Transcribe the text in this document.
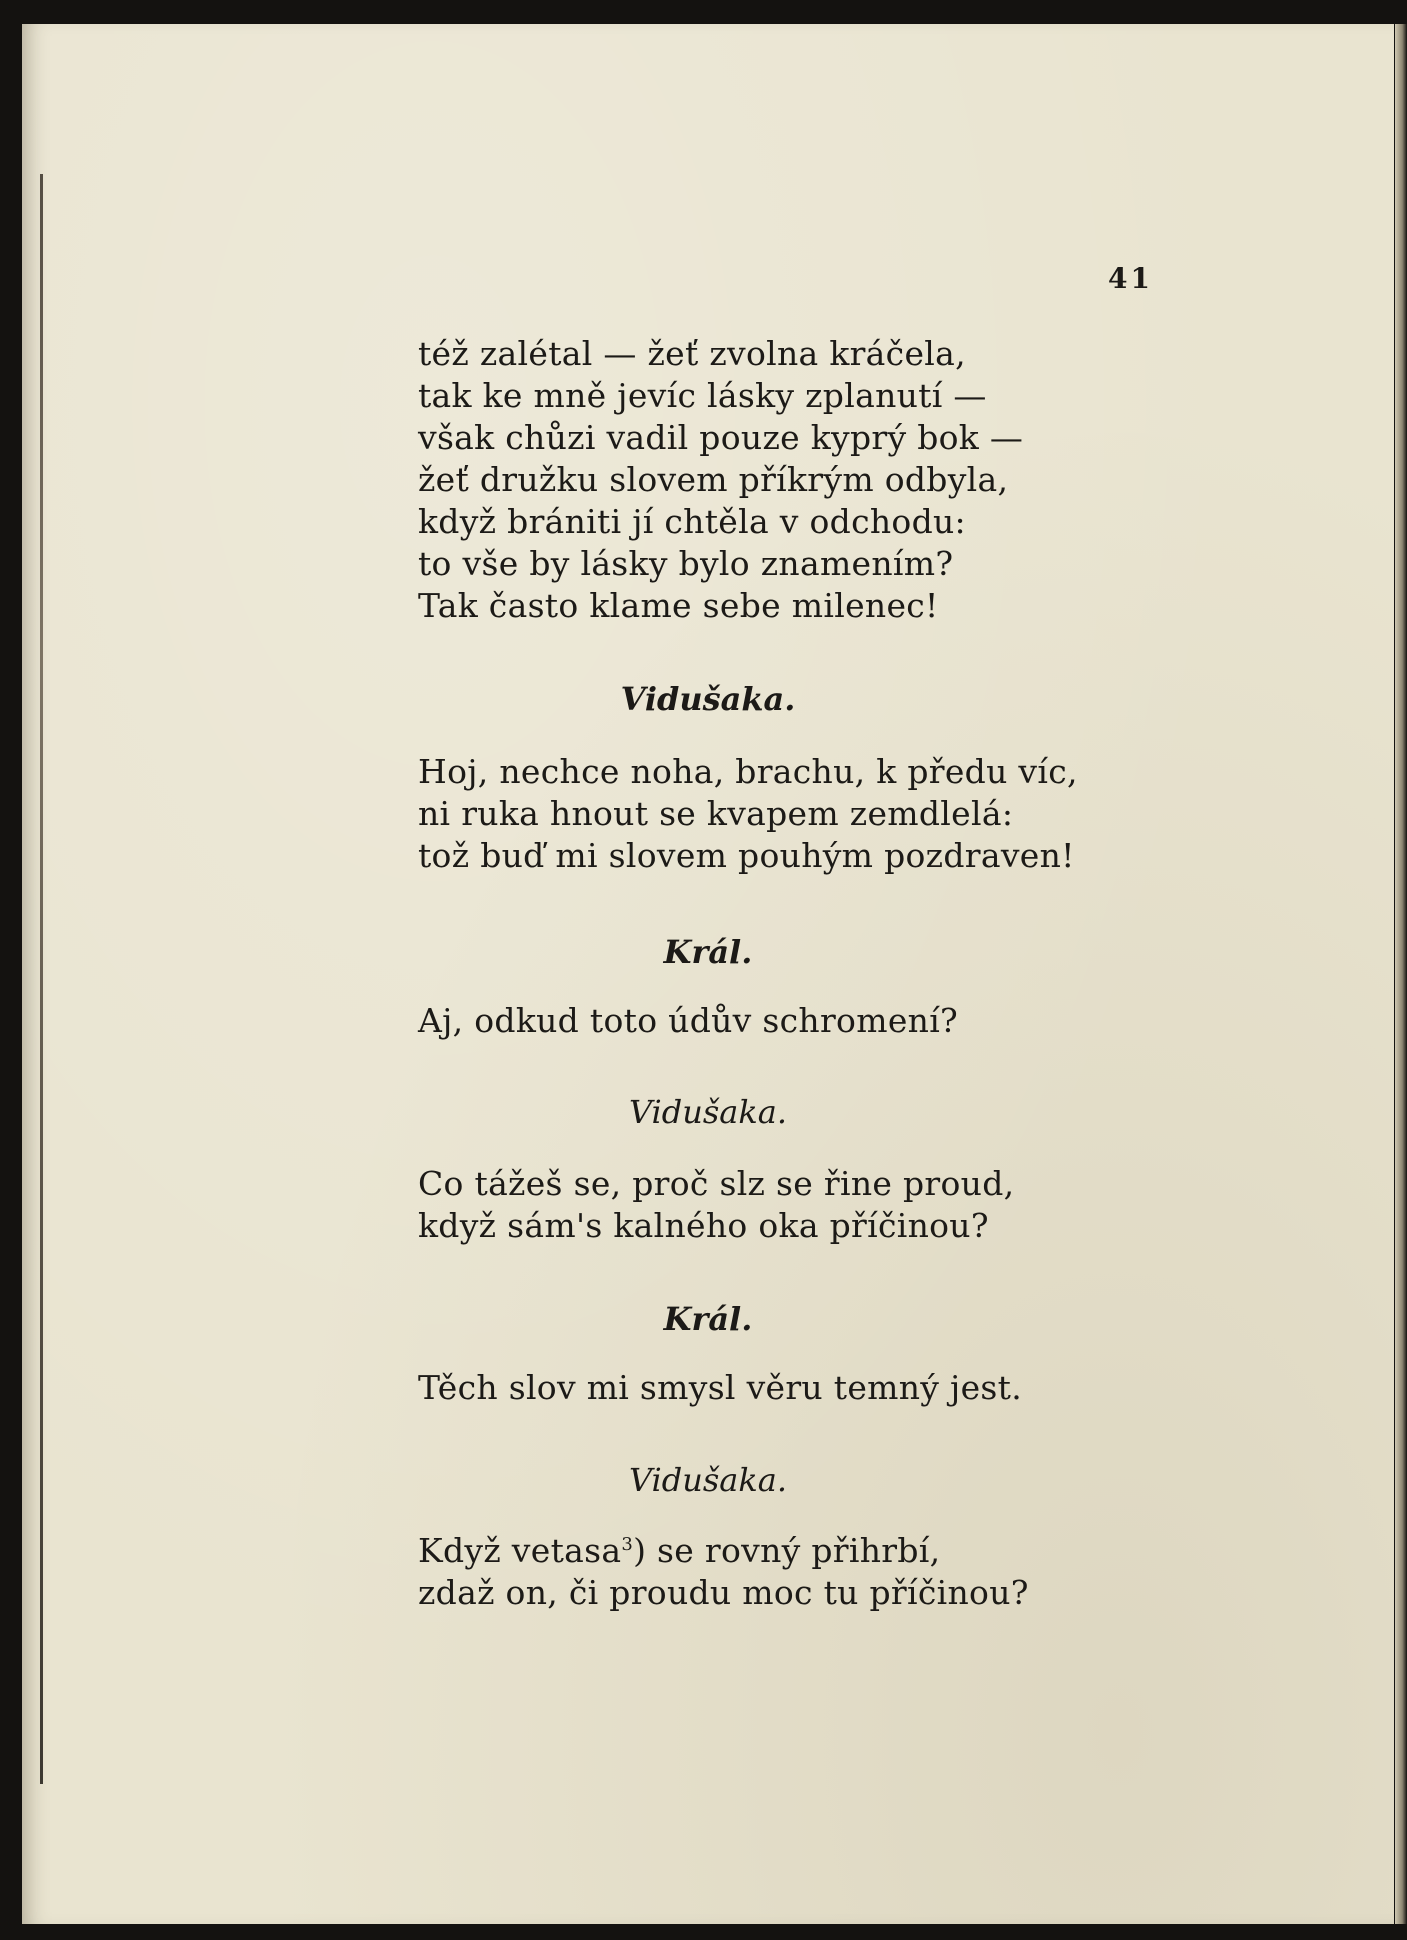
41
též zalétal — žeť zvolna kráčela,
tak ke mně jevíc lásky zplanutí —
však chůzi vadil pouze kyprý bok —
žeť družku slovem příkrým odbyla,
když brániti jí chtěla v odchodu:
to vše by lásky bylo znamením?
Tak často klame sebe milenec!
Vidušaka.
Hoj, nechce noha, brachu, k předu víc,
ni ruka hnout se kvapem zemdlelá:
tož buď mi slovem pouhým pozdraven!
Král.
Aj, odkud toto údův schromení?
Vidušaka.
Co tážeš se, proč slz se řine proud,
když sám's kalného oka příčinou?
Král.
Těch slov mi smysl věru temný jest.
Vidušaka.
Když vetasa$^3$) se rovný přihrbí,
zdaž on, či proudu moc tu příčinou?
